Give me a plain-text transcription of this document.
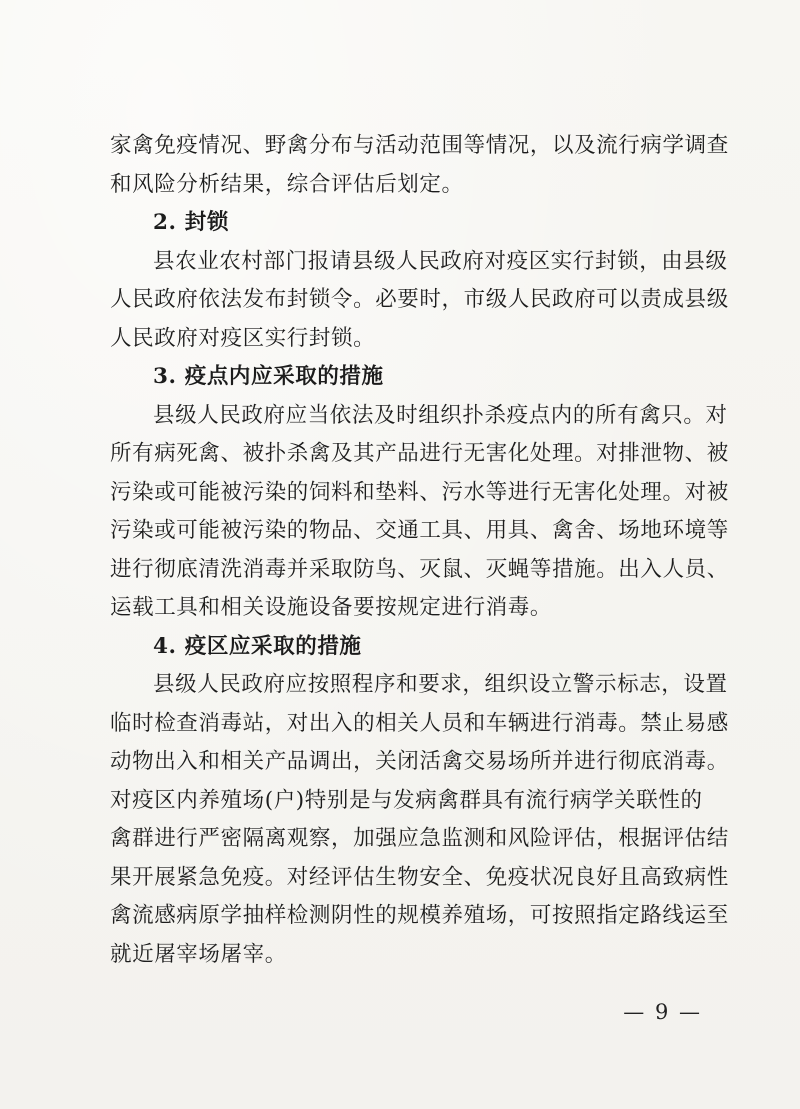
家禽免疫情况、野禽分布与活动范围等情况，以及流行病学调查
和风险分析结果，综合评估后划定。
2. 封锁
县农业农村部门报请县级人民政府对疫区实行封锁，由县级
人民政府依法发布封锁令。必要时，市级人民政府可以责成县级
人民政府对疫区实行封锁。
3. 疫点内应采取的措施
县级人民政府应当依法及时组织扑杀疫点内的所有禽只。对
所有病死禽、被扑杀禽及其产品进行无害化处理。对排泄物、被
污染或可能被污染的饲料和垫料、污水等进行无害化处理。对被
污染或可能被污染的物品、交通工具、用具、禽舍、场地环境等
进行彻底清洗消毒并采取防鸟、灭鼠、灭蝇等措施。出入人员、
运载工具和相关设施设备要按规定进行消毒。
4. 疫区应采取的措施
县级人民政府应按照程序和要求，组织设立警示标志，设置
临时检查消毒站，对出入的相关人员和车辆进行消毒。禁止易感
动物出入和相关产品调出，关闭活禽交易场所并进行彻底消毒。
对疫区内养殖场(户)特别是与发病禽群具有流行病学关联性的
禽群进行严密隔离观察，加强应急监测和风险评估，根据评估结
果开展紧急免疫。对经评估生物安全、免疫状况良好且高致病性
禽流感病原学抽样检测阴性的规模养殖场，可按照指定路线运至
就近屠宰场屠宰。
— 9 —
